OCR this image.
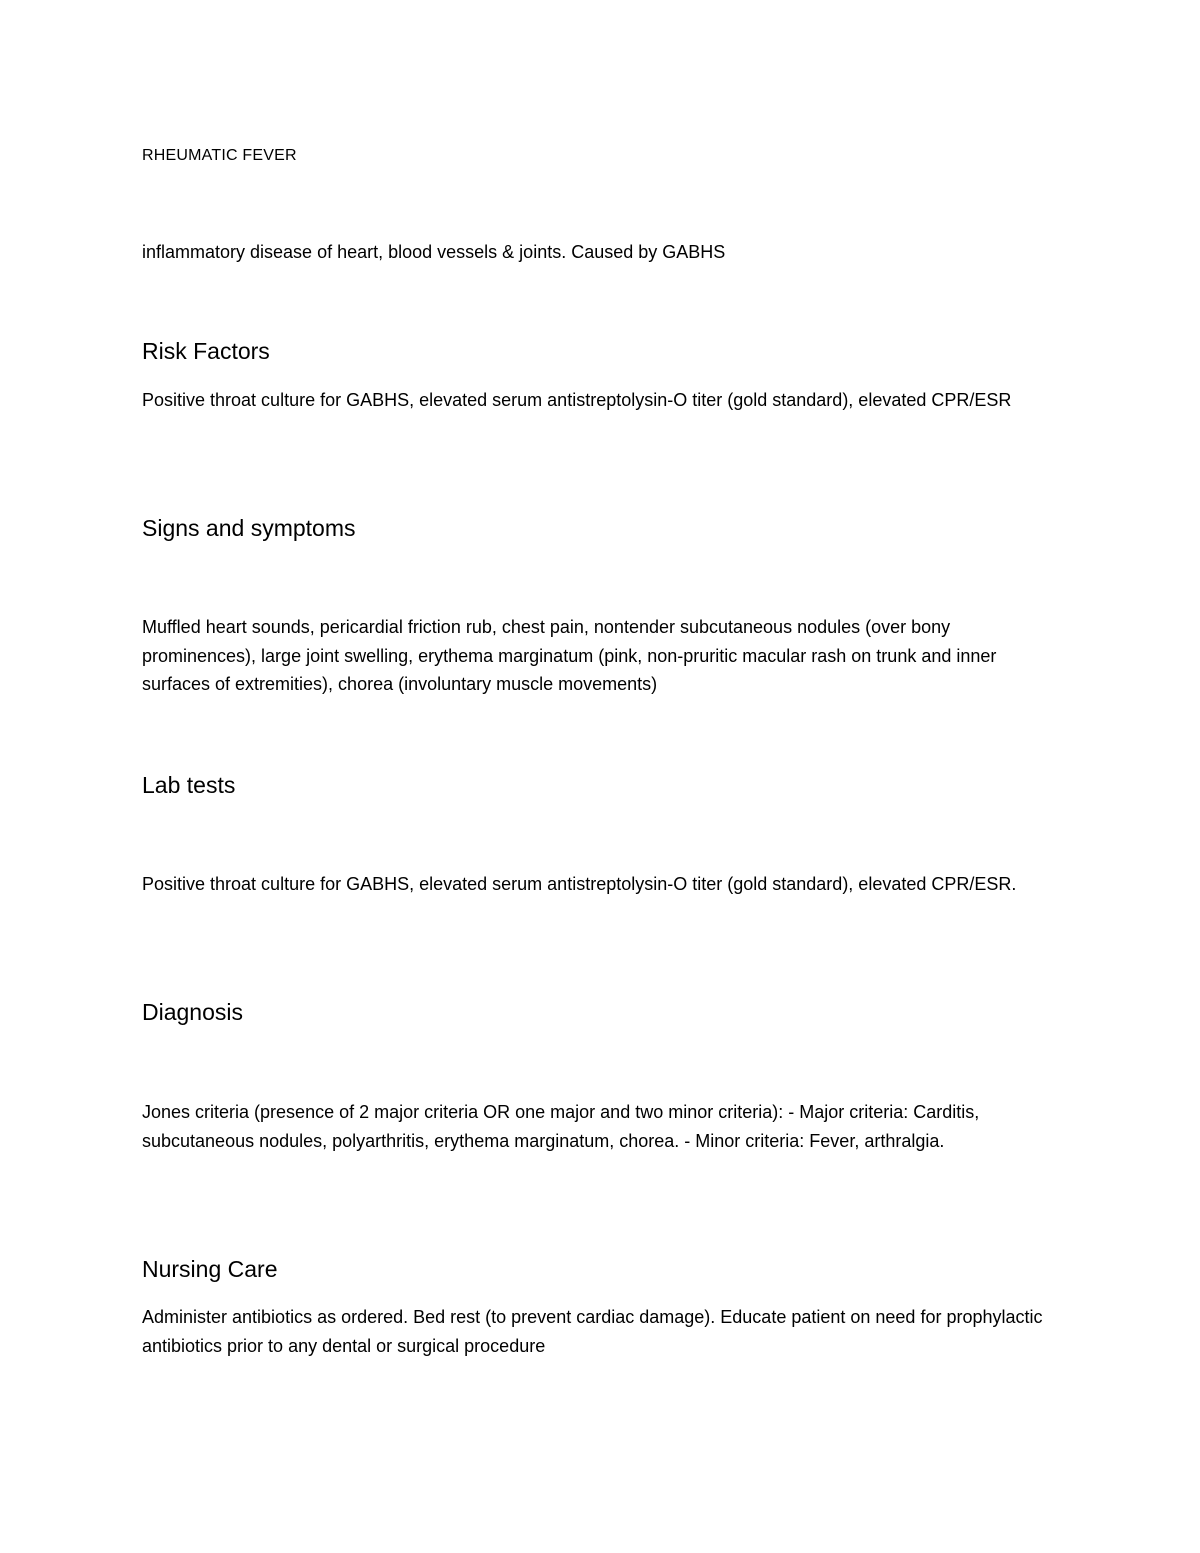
RHEUMATIC FEVER

inflammatory disease of heart, blood vessels & joints. Caused by GABHS

Risk Factors

Positive throat culture for GABHS, elevated serum antistreptolysin-O titer (gold standard), elevated CPR/ESR

Signs and symptoms

Muffled heart sounds, pericardial friction rub, chest pain, nontender subcutaneous nodules (over bony prominences), large joint swelling, erythema marginatum (pink, non-pruritic macular rash on trunk and inner surfaces of extremities), chorea (involuntary muscle movements)

Lab tests

Positive throat culture for GABHS, elevated serum antistreptolysin-O titer (gold standard), elevated CPR/ESR.

Diagnosis

Jones criteria (presence of 2 major criteria OR one major and two minor criteria): - Major criteria: Carditis, subcutaneous nodules, polyarthritis, erythema marginatum, chorea. - Minor criteria: Fever, arthralgia.

Nursing Care

Administer antibiotics as ordered. Bed rest (to prevent cardiac damage). Educate patient on need for prophylactic antibiotics prior to any dental or surgical procedure
